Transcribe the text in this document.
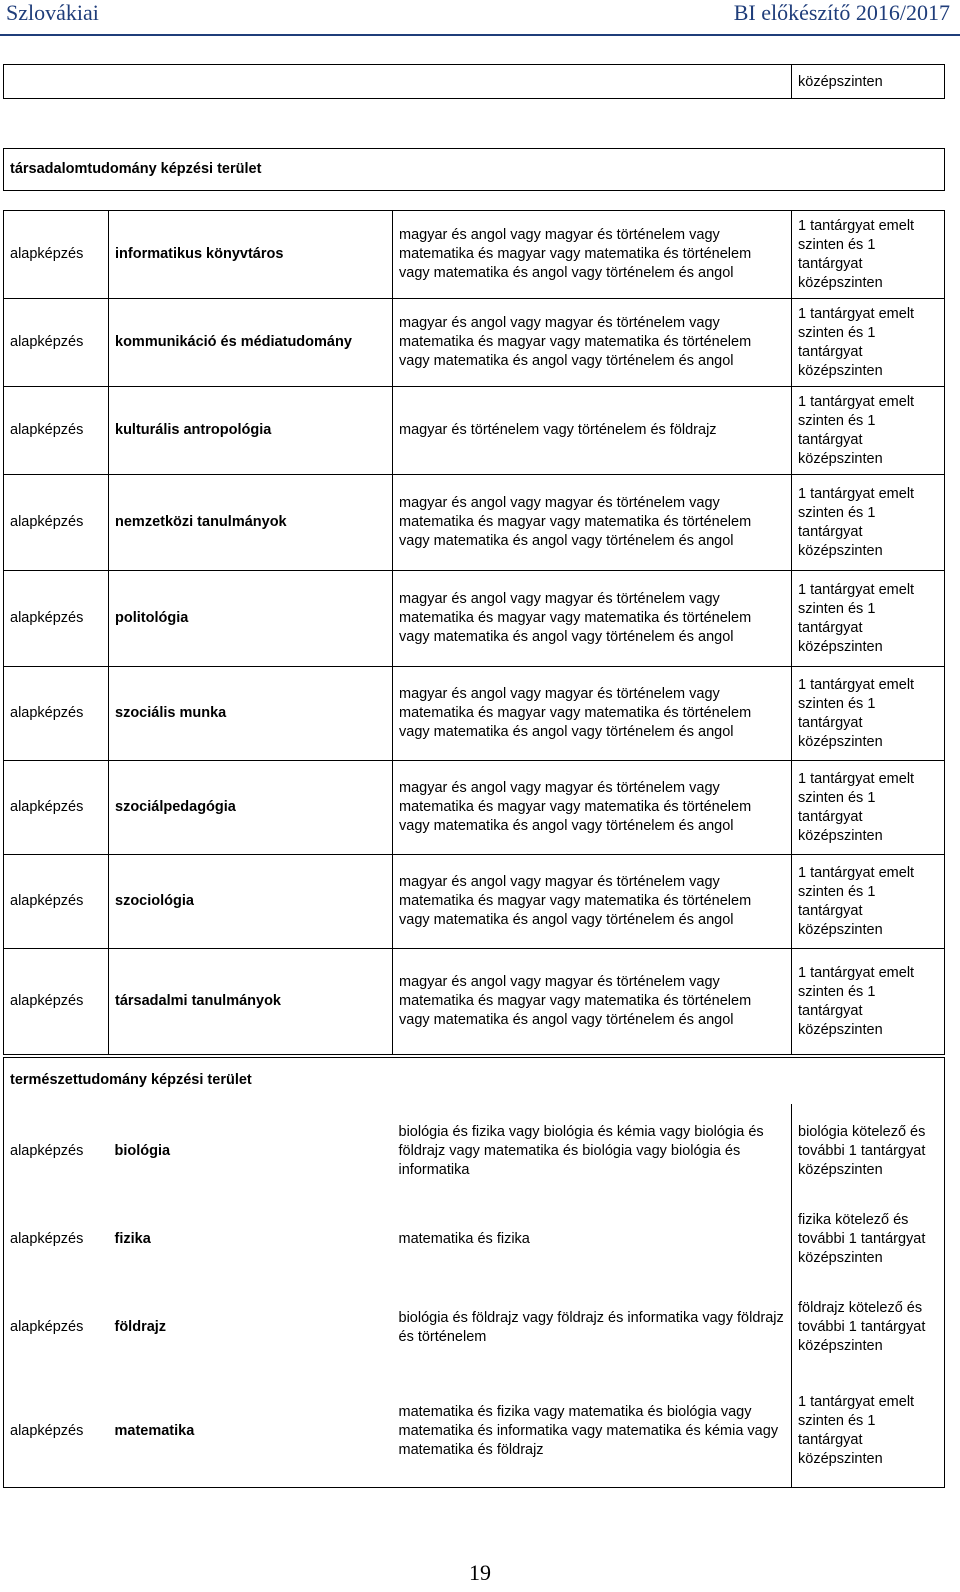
Szlovákiai	BI előkészítő 2016/2017
	középszinten

társadalomtudomány képzési terület
alapképzés	informatikus könyvtáros	magyar és angol vagy magyar és történelem vagy matematika és magyar vagy matematika és történelem vagy matematika és angol vagy történelem és angol	1 tantárgyat emelt szinten és 1 tantárgyat középszinten
alapképzés	kommunikáció és médiatudomány	magyar és angol vagy magyar és történelem vagy matematika és magyar vagy matematika és történelem vagy matematika és angol vagy történelem és angol	1 tantárgyat emelt szinten és 1 tantárgyat középszinten
alapképzés	kulturális antropológia	magyar és történelem vagy történelem és földrajz	1 tantárgyat emelt szinten és 1 tantárgyat középszinten
alapképzés	nemzetközi tanulmányok	magyar és angol vagy magyar és történelem vagy matematika és magyar vagy matematika és történelem vagy matematika és angol vagy történelem és angol	1 tantárgyat emelt szinten és 1 tantárgyat középszinten
alapképzés	politológia	magyar és angol vagy magyar és történelem vagy matematika és magyar vagy matematika és történelem vagy matematika és angol vagy történelem és angol	1 tantárgyat emelt szinten és 1 tantárgyat középszinten
alapképzés	szociális munka	magyar és angol vagy magyar és történelem vagy matematika és magyar vagy matematika és történelem vagy matematika és angol vagy történelem és angol	1 tantárgyat emelt szinten és 1 tantárgyat középszinten
alapképzés	szociálpedagógia	magyar és angol vagy magyar és történelem vagy matematika és magyar vagy matematika és történelem vagy matematika és angol vagy történelem és angol	1 tantárgyat emelt szinten és 1 tantárgyat középszinten
alapképzés	szociológia	magyar és angol vagy magyar és történelem vagy matematika és magyar vagy matematika és történelem vagy matematika és angol vagy történelem és angol	1 tantárgyat emelt szinten és 1 tantárgyat középszinten
alapképzés	társadalmi tanulmányok	magyar és angol vagy magyar és történelem vagy matematika és magyar vagy matematika és történelem vagy matematika és angol vagy történelem és angol	1 tantárgyat emelt szinten és 1 tantárgyat középszinten
természettudomány képzési terület			
alapképzés	biológia	biológia és fizika vagy biológia és kémia vagy biológia és földrajz vagy matematika és biológia vagy biológia és informatika	biológia kötelező és további 1 tantárgyat középszinten
alapképzés	fizika	matematika és fizika	fizika kötelező és további 1 tantárgyat középszinten
alapképzés	földrajz	biológia és földrajz vagy földrajz és informatika vagy földrajz és történelem	földrajz kötelező és további 1 tantárgyat középszinten
alapképzés	matematika	matematika és fizika vagy matematika és biológia vagy matematika és informatika vagy matematika és kémia vagy matematika és földrajz	1 tantárgyat emelt szinten és 1 tantárgyat középszinten
19
